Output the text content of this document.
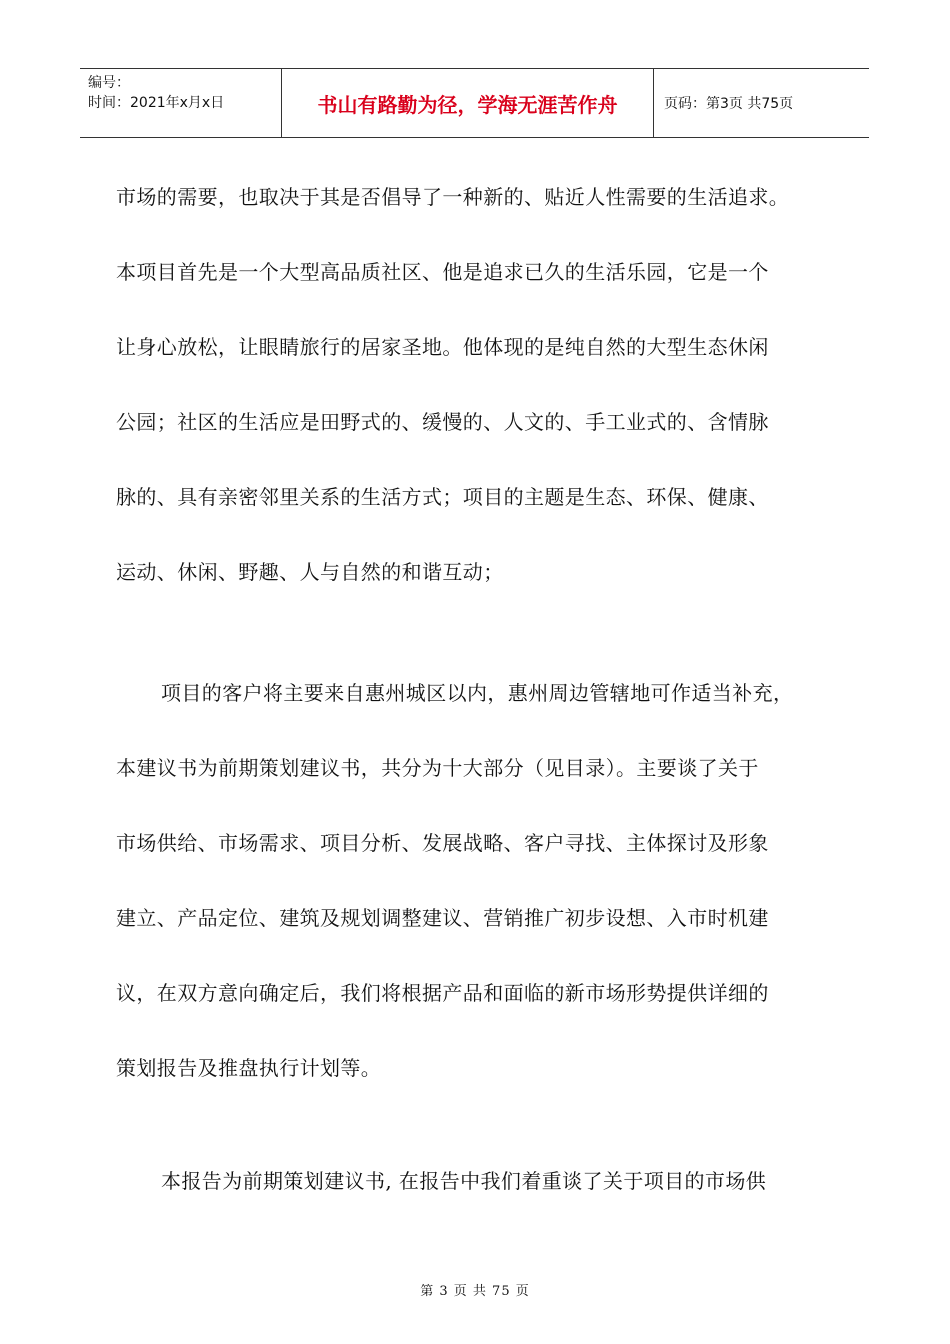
编号：
时间：2021年x月x日	书山有路勤为径，学海无涯苦作舟	页码：第3页 共75页

市场的需要，也取决于其是否倡导了一种新的、贴近人性需要的生活追求。

本项目首先是一个大型高品质社区、他是追求已久的生活乐园，它是一个

让身心放松，让眼睛旅行的居家圣地。他体现的是纯自然的大型生态休闲

公园；社区的生活应是田野式的、缓慢的、人文的、手工业式的、含情脉

脉的、具有亲密邻里关系的生活方式；项目的主题是生态、环保、健康、

运动、休闲、野趣、人与自然的和谐互动；

项目的客户将主要来自惠州城区以内，惠州周边管辖地可作适当补充，

本建议书为前期策划建议书，共分为十大部分（见目录）。主要谈了关于

市场供给、市场需求、项目分析、发展战略、客户寻找、主体探讨及形象

建立、产品定位、建筑及规划调整建议、营销推广初步设想、入市时机建

议，在双方意向确定后，我们将根据产品和面临的新市场形势提供详细的

策划报告及推盘执行计划等。

本报告为前期策划建议书, 在报告中我们着重谈了关于项目的市场供

第 3 页 共 75 页
